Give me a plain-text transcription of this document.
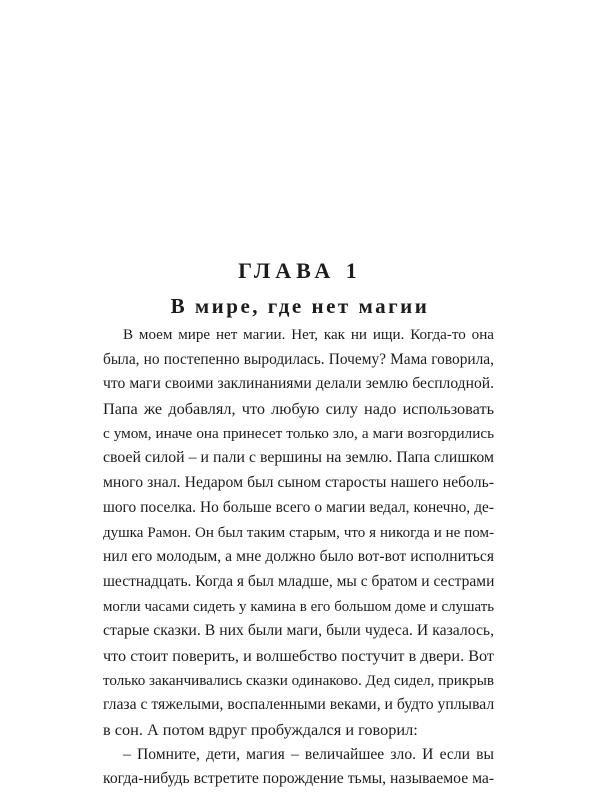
ГЛАВА 1
В мире, где нет магии
В моем мире нет магии. Нет, как ни ищи. Когда-то она
была, но постепенно выродилась. Почему? Мама говорила,
что маги своими заклинаниями делали землю бесплодной.
Папа же добавлял, что любую силу надо использовать
с умом, иначе она принесет только зло, а маги возгордились
своей силой – и пали с вершины на землю. Папа слишком
много знал. Недаром был сыном старосты нашего неболь-
шого поселка. Но больше всего о магии ведал, конечно, де-
душка Рамон. Он был таким старым, что я никогда и не пом-
нил его молодым, а мне должно было вот-вот исполниться
шестнадцать. Когда я был младше, мы с братом и сестрами
могли часами сидеть у камина в его большом доме и слушать
старые сказки. В них были маги, были чудеса. И казалось,
что стоит поверить, и волшебство постучит в двери. Вот
только заканчивались сказки одинаково. Дед сидел, прикрыв
глаза с тяжелыми, воспаленными веками, и будто уплывал
в сон. А потом вдруг пробуждался и говорил:
– Помните, дети, магия – величайшее зло. И если вы
когда-нибудь встретите порождение тьмы, называемое ма-
